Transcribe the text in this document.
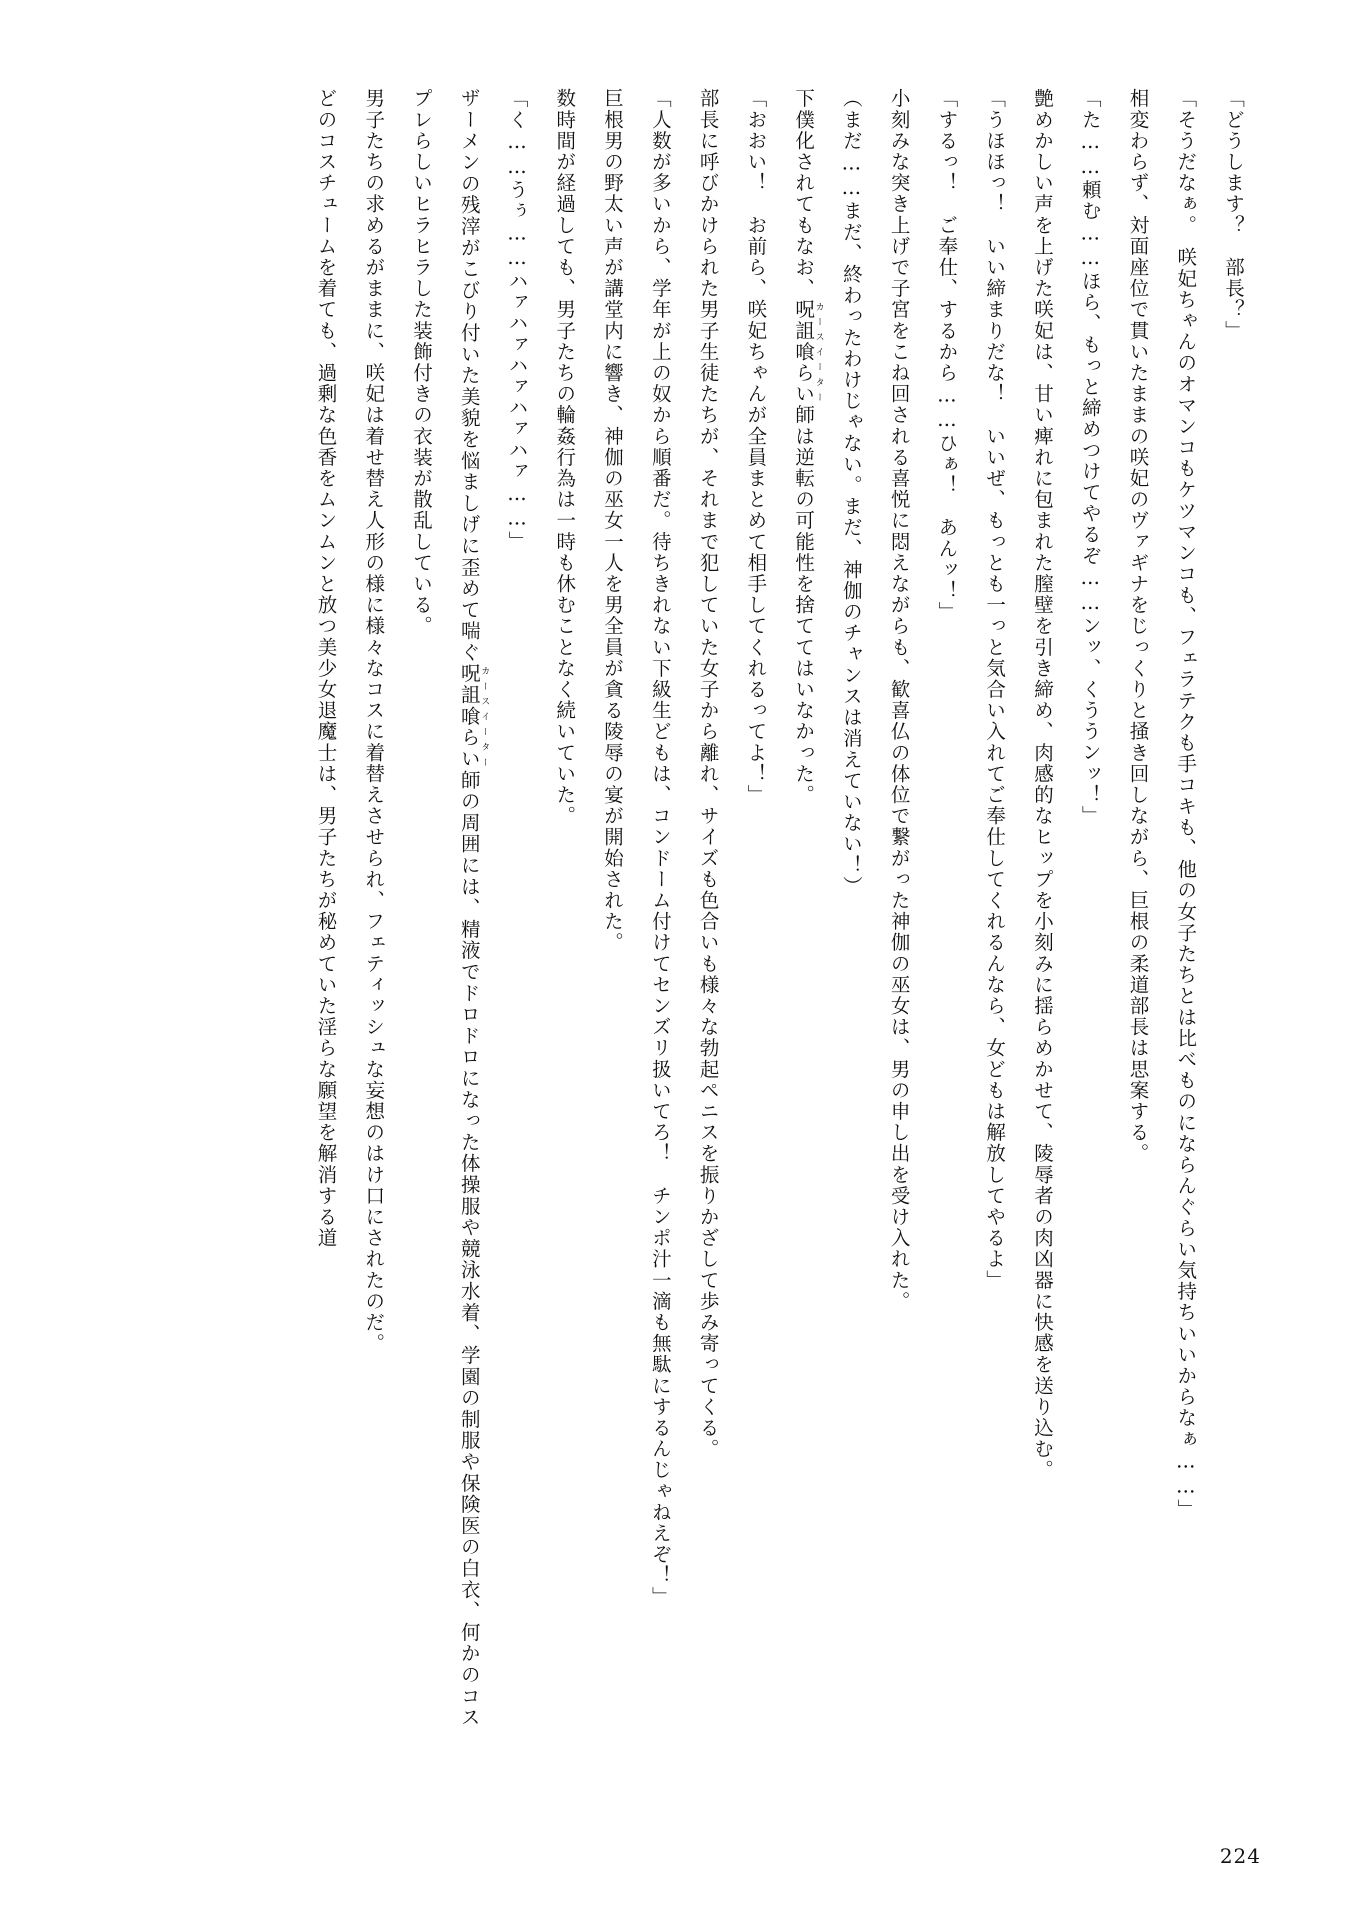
「どうします？　部長？」

「そうだなぁ。　咲妃ちゃんのオマンコもケツマンコも、フェラテクも手コキも、他の女子たちとは比べものにならんぐらい気持ちいいからなぁ……」

相変わらず、対面座位で貫いたままの咲妃のヴァギナをじっくりと掻き回しながら、巨根の柔道部長は思案する。

「た……頼む……ほら、もっと締めつけてやるぞ……ンッ、くううンッ！」

艶めかしい声を上げた咲妃は、甘い痺れに包まれた膣壁を引き締め、肉感的なヒップを小刻みに揺らめかせて、陵辱者の肉凶器に快感を送り込む。

「うほほっ！　いい締まりだな！　いいぜ、もっとも一っと気合い入れてご奉仕してくれるんなら、女どもは解放してやるよ」

「するっ！　ご奉仕、するから……ひぁ！　あんッ！」

小刻みな突き上げで子宮をこね回される喜悦に悶えながらも、歓喜仏の体位で繋がった神伽の巫女は、男の申し出を受け入れた。

（まだ……まだ、終わったわけじゃない。まだ、神伽のチャンスは消えていない！）

下僕化されてもなお、呪詛喰らいカースイーター師は逆転の可能性を捨ててはいなかった。

「おおい！　お前ら、咲妃ちゃんが全員まとめて相手してくれるってよ！」

部長に呼びかけられた男子生徒たちが、それまで犯していた女子から離れ、サイズも色合いも様々な勃起ペニスを振りかざして歩み寄ってくる。

「人数が多いから、学年が上の奴から順番だ。待ちきれない下級生どもは、コンドーム付けてセンズリ扱いてろ！　チンポ汁一滴も無駄にするんじゃねえぞ！」

巨根男の野太い声が講堂内に響き、神伽の巫女一人を男全員が貪る陵辱の宴が開始された。

数時間が経過しても、男子たちの輪姦行為は一時も休むことなく続いていた。

「く……うぅ……ハァハァハァハァハァ……」

ザーメンの残滓がこびり付いた美貌を悩ましげに歪めて喘ぐ呪詛喰らいカースイーター師の周囲には、精液でドロドロになった体操服や競泳水着、学園の制服や保険医の白衣、何かのコスプレらしいヒラヒラした装飾付きの衣装が散乱している。

男子たちの求めるがままに、咲妃は着せ替え人形の様に様々なコスに着替えさせられ、フェティッシュな妄想のはけ口にされたのだ。

どのコスチュームを着ても、過剰な色香をムンムンと放つ美少女退魔士は、男子たちが秘めていた淫らな願望を解消する道

224
